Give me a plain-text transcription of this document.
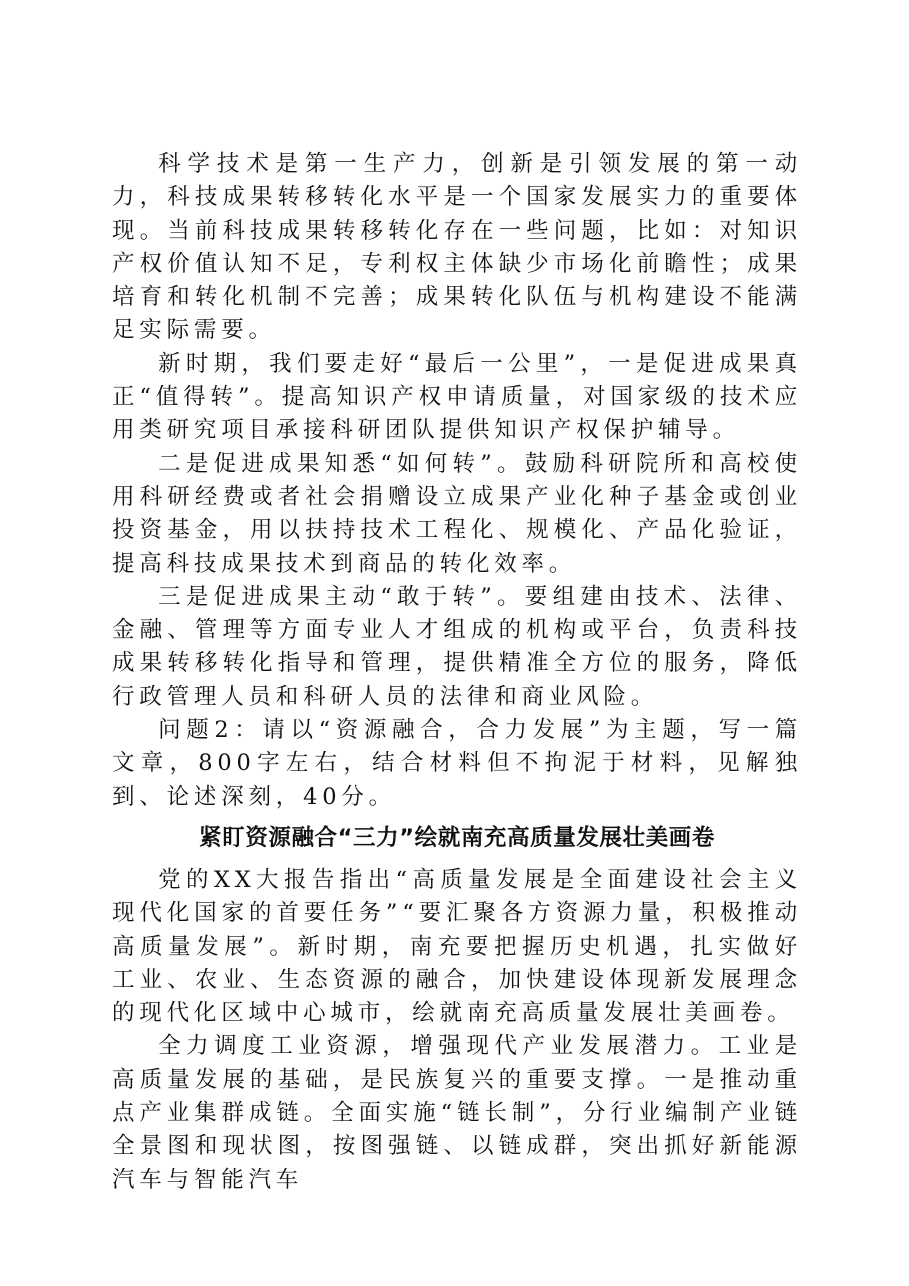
科学技术是第一生产力，创新是引领发展的第一动力，科技成果转移转化水平是一个国家发展实力的重要体现。当前科技成果转移转化存在一些问题，比如：对知识产权价值认知不足，专利权主体缺少市场化前瞻性；成果培育和转化机制不完善；成果转化队伍与机构建设不能满足实际需要。

新时期，我们要走好“最后一公里”，一是促进成果真正“值得转”。提高知识产权申请质量，对国家级的技术应用类研究项目承接科研团队提供知识产权保护辅导。

二是促进成果知悉“如何转”。鼓励科研院所和高校使用科研经费或者社会捐赠设立成果产业化种子基金或创业投资基金，用以扶持技术工程化、规模化、产品化验证，提高科技成果技术到商品的转化效率。

三是促进成果主动“敢于转”。要组建由技术、法律、金融、管理等方面专业人才组成的机构或平台，负责科技成果转移转化指导和管理，提供精准全方位的服务，降低行政管理人员和科研人员的法律和商业风险。

问题2：请以“资源融合，合力发展”为主题，写一篇文章，800字左右，结合材料但不拘泥于材料，见解独到、论述深刻，40分。

紧盯资源融合“三力”绘就南充高质量发展壮美画卷

党的XX大报告指出“高质量发展是全面建设社会主义现代化国家的首要任务”“要汇聚各方资源力量，积极推动高质量发展”。新时期，南充要把握历史机遇，扎实做好工业、农业、生态资源的融合，加快建设体现新发展理念的现代化区域中心城市，绘就南充高质量发展壮美画卷。

全力调度工业资源，增强现代产业发展潜力。工业是高质量发展的基础，是民族复兴的重要支撑。一是推动重点产业集群成链。全面实施“链长制”，分行业编制产业链全景图和现状图，按图强链、以链成群，突出抓好新能源汽车与智能汽车
